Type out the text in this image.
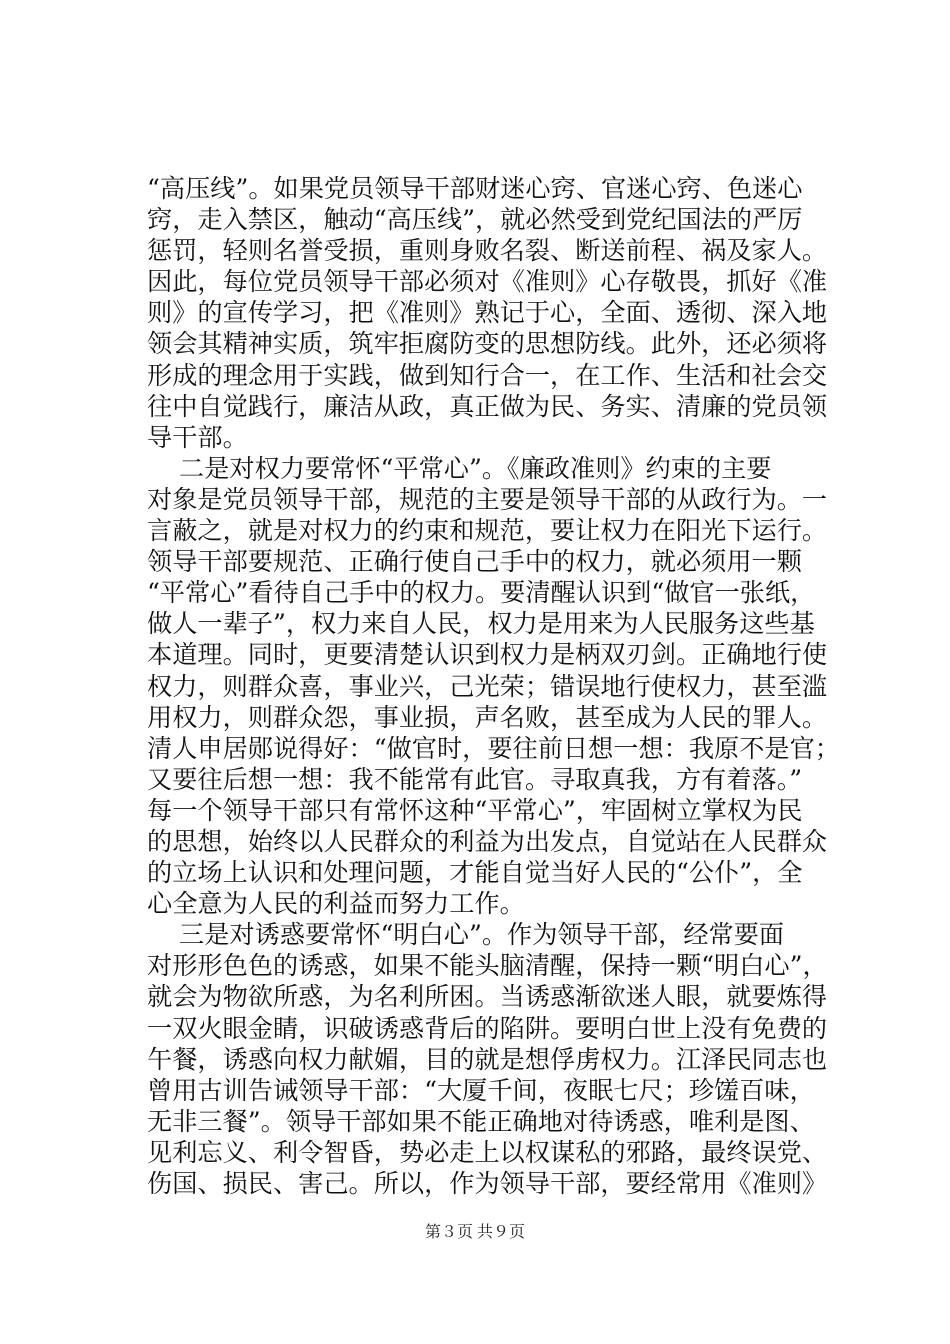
“高压线”。如果党员领导干部财迷心窍、官迷心窍、色迷心
窍，走入禁区，触动“高压线”，就必然受到党纪国法的严厉
惩罚，轻则名誉受损，重则身败名裂、断送前程、祸及家人。
因此，每位党员领导干部必须对《准则》心存敬畏，抓好《准
则》的宣传学习，把《准则》熟记于心，全面、透彻、深入地
领会其精神实质，筑牢拒腐防变的思想防线。此外，还必须将
形成的理念用于实践，做到知行合一，在工作、生活和社会交
往中自觉践行，廉洁从政，真正做为民、务实、清廉的党员领
导干部。
二是对权力要常怀“平常心”。《廉政准则》约束的主要
对象是党员领导干部，规范的主要是领导干部的从政行为。一
言蔽之，就是对权力的约束和规范，要让权力在阳光下运行。
领导干部要规范、正确行使自己手中的权力，就必须用一颗
“平常心”看待自己手中的权力。要清醒认识到“做官一张纸，
做人一辈子”，权力来自人民，权力是用来为人民服务这些基
本道理。同时，更要清楚认识到权力是柄双刃剑。正确地行使
权力，则群众喜，事业兴，己光荣；错误地行使权力，甚至滥
用权力，则群众怨，事业损，声名败，甚至成为人民的罪人。
清人申居郧说得好：“做官时，要往前日想一想：我原不是官；
又要往后想一想：我不能常有此官。寻取真我，方有着落。”
每一个领导干部只有常怀这种“平常心”，牢固树立掌权为民
的思想，始终以人民群众的利益为出发点，自觉站在人民群众
的立场上认识和处理问题，才能自觉当好人民的“公仆”，全
心全意为人民的利益而努力工作。
三是对诱惑要常怀“明白心”。作为领导干部，经常要面
对形形色色的诱惑，如果不能头脑清醒，保持一颗“明白心”，
就会为物欲所惑，为名利所困。当诱惑渐欲迷人眼，就要炼得
一双火眼金睛，识破诱惑背后的陷阱。要明白世上没有免费的
午餐，诱惑向权力献媚，目的就是想俘虏权力。江泽民同志也
曾用古训告诫领导干部：“大厦千间，夜眠七尺；珍馐百味，
无非三餐”。领导干部如果不能正确地对待诱惑，唯利是图、
见利忘义、利令智昏，势必走上以权谋私的邪路，最终误党、
伤国、损民、害己。所以，作为领导干部，要经常用《准则》
第３页 共９页
